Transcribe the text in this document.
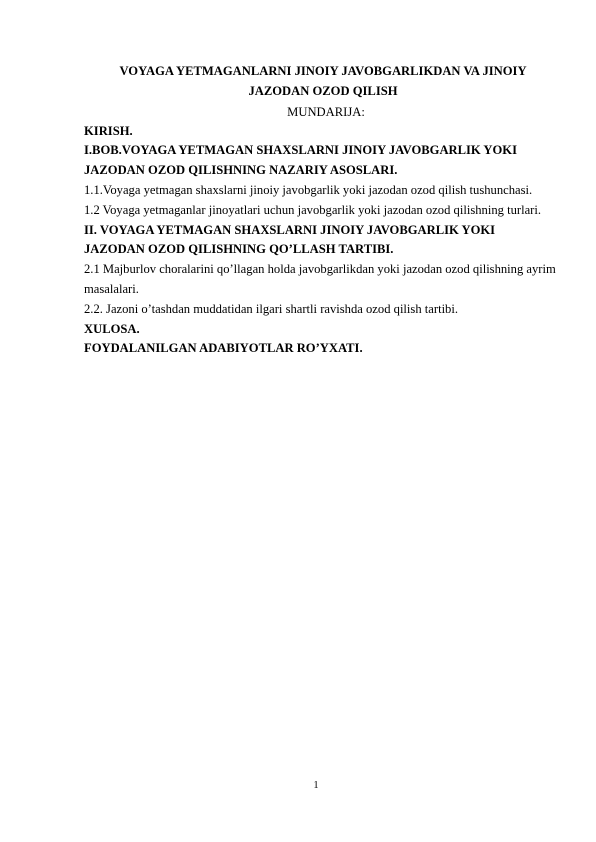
VOYAGA YETMAGANLARNI JINOIY JAVOBGARLIKDAN VA JINOIY
JAZODAN OZOD QILISH

MUNDARIJA:

KIRISH.
I.BOB.VOYAGA YETMAGAN SHAXSLARNI JINOIY JAVOBGARLIK YOKI JAZODAN OZOD QILISHNING NAZARIY ASOSLARI.
1.1.Voyaga yetmagan shaxslarni jinoiy javobgarlik yoki jazodan ozod qilish tushunchasi.
1.2 Voyaga yetmaganlar jinoyatlari uchun javobgarlik yoki jazodan ozod qilishning turlari.
II. VOYAGA YETMAGAN SHAXSLARNI JINOIY JAVOBGARLIK YOKI JAZODAN OZOD QILISHNING QO’LLASH TARTIBI.
2.1 Majburlov choralarini qo’llagan holda javobgarlikdan yoki jazodan ozod qilishning ayrim masalalari.
2.2. Jazoni o’tashdan muddatidan ilgari shartli ravishda ozod qilish tartibi.
XULOSA.
FOYDALANILGAN ADABIYOTLAR RO’YXATI.
1
